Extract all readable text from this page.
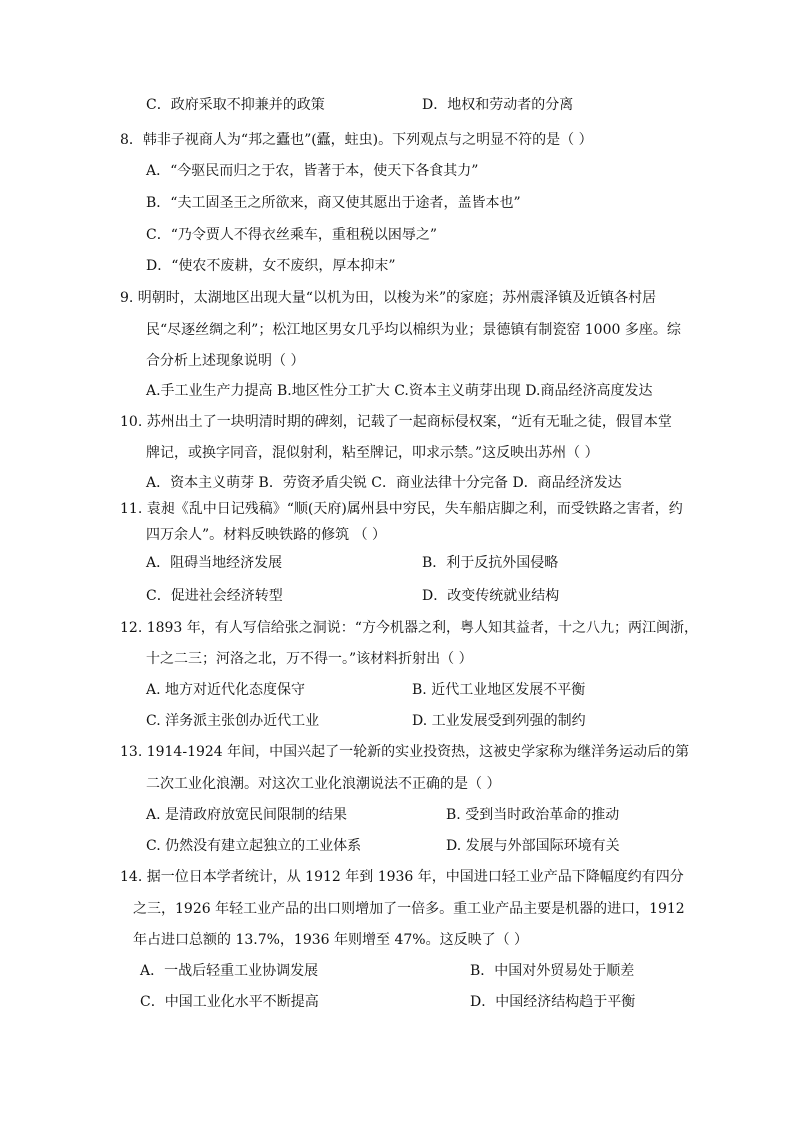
C．政府采取不抑兼并的政策	D．地权和劳动者的分离
8．韩非子视商人为“邦之蠹也”(蠹，蛀虫)。下列观点与之明显不符的是（ ）
A．“今驱民而归之于农，皆著于本，使天下各食其力”
B．“夫工固圣王之所欲来，商又使其愿出于途者，盖皆本也”
C．“乃令贾人不得衣丝乘车，重租税以困辱之”
D．“使农不废耕，女不废织，厚本抑末”
9. 明朝时，太湖地区出现大量“以机为田，以梭为米”的家庭；苏州震泽镇及近镇各村居
民“尽逐丝绸之利”；松江地区男女几乎均以棉织为业；景德镇有制瓷窑 1000 多座。综
合分析上述现象说明（ ）
A.手工业生产力提高 B.地区性分工扩大 C.资本主义萌芽出现 D.商品经济高度发达
10. 苏州出土了一块明清时期的碑刻，记载了一起商标侵权案，“近有无耻之徒，假冒本堂
牌记，或换字同音，混似射利，粘至牌记，叩求示禁。”这反映出苏州（ ）
A．资本主义萌芽 B．劳资矛盾尖锐 C．商业法律十分完备 D．商品经济发达
11. 袁昶《乱中日记残稿》“顺(天府)属州县中穷民，失车船店脚之利，而受铁路之害者，约
四万余人”。材料反映铁路的修筑 （ ）
A．阻碍当地经济发展	B．利于反抗外国侵略
C．促进社会经济转型	D．改变传统就业结构
12. 1893 年，有人写信给张之洞说：“方今机器之利，粤人知其益者，十之八九；两江闽浙，
十之二三；河洛之北，万不得一。”该材料折射出（ ）
A. 地方对近代化态度保守	B. 近代工业地区发展不平衡
C. 洋务派主张创办近代工业	D. 工业发展受到列强的制约
13. 1914-1924 年间，中国兴起了一轮新的实业投资热，这被史学家称为继洋务运动后的第
二次工业化浪潮。对这次工业化浪潮说法不正确的是（ ）
A. 是清政府放宽民间限制的结果	B. 受到当时政治革命的推动
C. 仍然没有建立起独立的工业体系	D. 发展与外部国际环境有关
14. 据一位日本学者统计，从 1912 年到 1936 年，中国进口轻工业产品下降幅度约有四分
之三，1926 年轻工业产品的出口则增加了一倍多。重工业产品主要是机器的进口，1912
年占进口总额的 13.7%，1936 年则增至 47%。这反映了（ ）
A．一战后轻重工业协调发展	B．中国对外贸易处于顺差
C．中国工业化水平不断提高	D．中国经济结构趋于平衡
